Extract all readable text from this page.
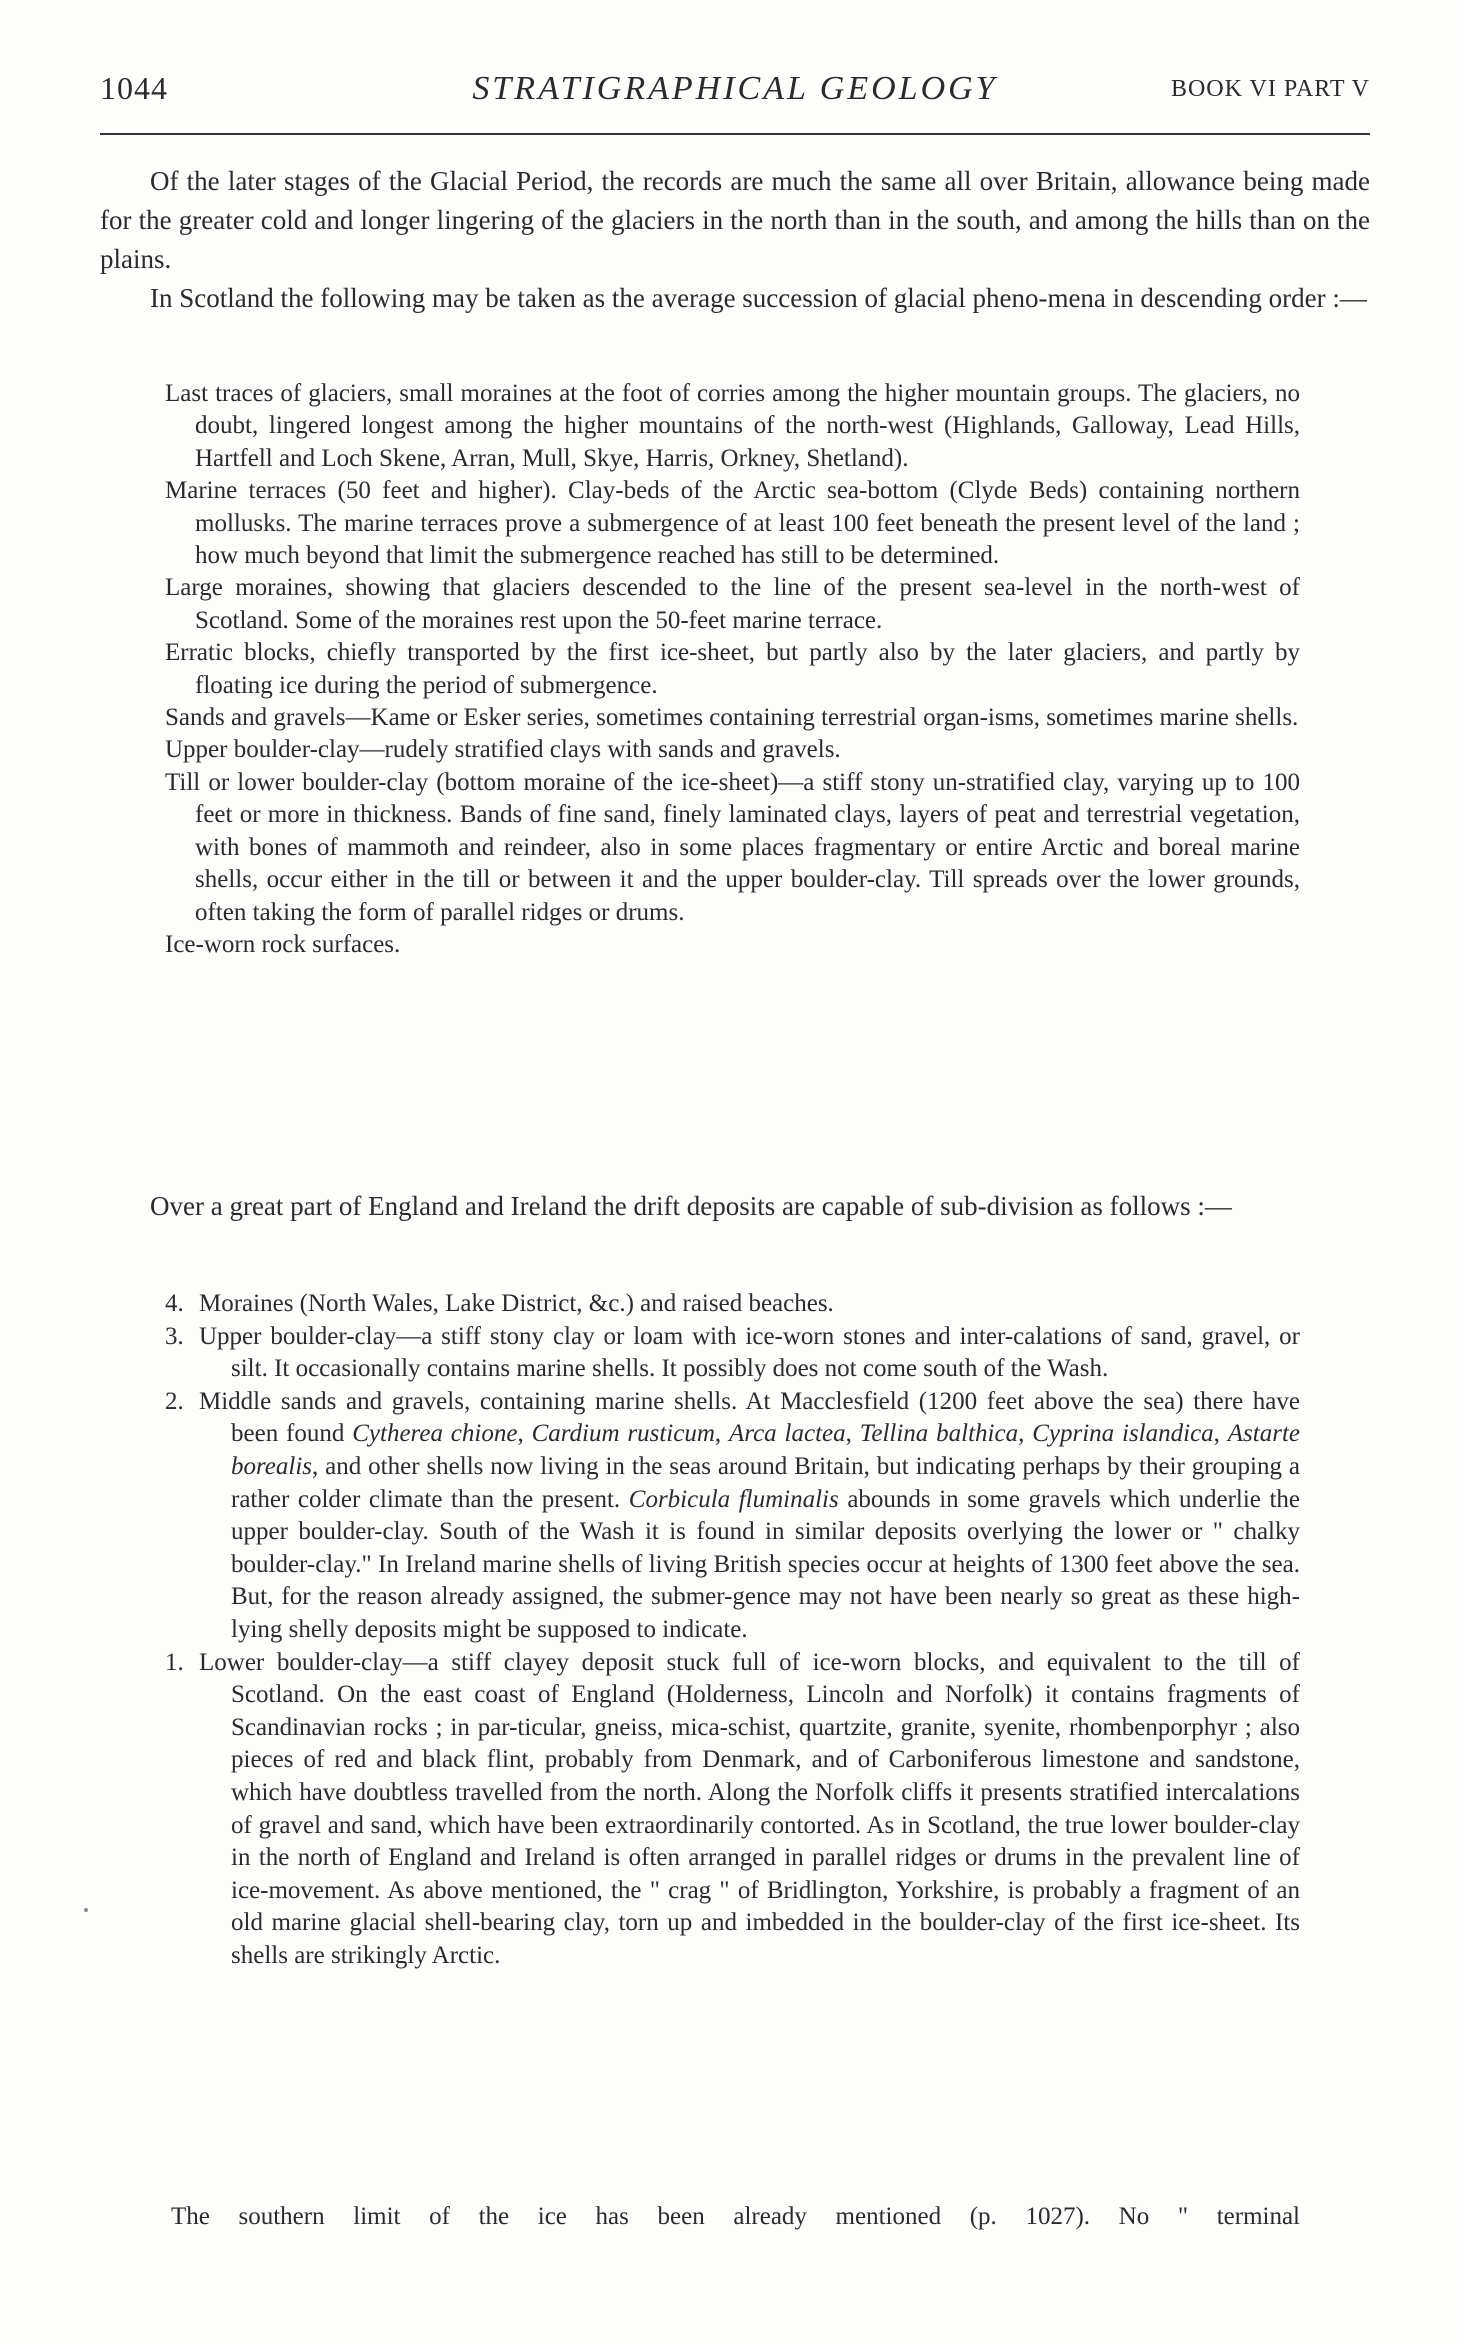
1044	STRATIGRAPHICAL GEOLOGY	BOOK VI PART V

Of the later stages of the Glacial Period, the records are much the same all over Britain, allowance being made for the greater cold and longer lingering of the glaciers in the north than in the south, and among the hills than on the plains.

In Scotland the following may be taken as the average succession of glacial pheno-mena in descending order :—

Last traces of glaciers, small moraines at the foot of corries among the higher mountain groups. The glaciers, no doubt, lingered longest among the higher mountains of the north-west (Highlands, Galloway, Lead Hills, Hartfell and Loch Skene, Arran, Mull, Skye, Harris, Orkney, Shetland).
Marine terraces (50 feet and higher). Clay-beds of the Arctic sea-bottom (Clyde Beds) containing northern mollusks. The marine terraces prove a submergence of at least 100 feet beneath the present level of the land ; how much beyond that limit the submergence reached has still to be determined.
Large moraines, showing that glaciers descended to the line of the present sea-level in the north-west of Scotland. Some of the moraines rest upon the 50-feet marine terrace.
Erratic blocks, chiefly transported by the first ice-sheet, but partly also by the later glaciers, and partly by floating ice during the period of submergence.
Sands and gravels—Kame or Esker series, sometimes containing terrestrial organ-isms, sometimes marine shells.
Upper boulder-clay—rudely stratified clays with sands and gravels.
Till or lower boulder-clay (bottom moraine of the ice-sheet)—a stiff stony un-stratified clay, varying up to 100 feet or more in thickness. Bands of fine sand, finely laminated clays, layers of peat and terrestrial vegetation, with bones of mammoth and reindeer, also in some places fragmentary or entire Arctic and boreal marine shells, occur either in the till or between it and the upper boulder-clay. Till spreads over the lower grounds, often taking the form of parallel ridges or drums.
Ice-worn rock surfaces.

Over a great part of England and Ireland the drift deposits are capable of sub-division as follows :—

4. Moraines (North Wales, Lake District, &c.) and raised beaches.
3. Upper boulder-clay—a stiff stony clay or loam with ice-worn stones and inter-calations of sand, gravel, or silt. It occasionally contains marine shells. It possibly does not come south of the Wash.
2. Middle sands and gravels, containing marine shells. At Macclesfield (1200 feet above the sea) there have been found Cytherea chione, Cardium rusticum, Arca lactea, Tellina balthica, Cyprina islandica, Astarte borealis, and other shells now living in the seas around Britain, but indicating perhaps by their grouping a rather colder climate than the present. Corbicula fluminalis abounds in some gravels which underlie the upper boulder-clay. South of the Wash it is found in similar deposits overlying the lower or " chalky boulder-clay." In Ireland marine shells of living British species occur at heights of 1300 feet above the sea. But, for the reason already assigned, the submer-gence may not have been nearly so great as these high-lying shelly deposits might be supposed to indicate.
1. Lower boulder-clay—a stiff clayey deposit stuck full of ice-worn blocks, and equivalent to the till of Scotland. On the east coast of England (Holderness, Lincoln and Norfolk) it contains fragments of Scandinavian rocks ; in par-ticular, gneiss, mica-schist, quartzite, granite, syenite, rhombenporphyr ; also pieces of red and black flint, probably from Denmark, and of Carboniferous limestone and sandstone, which have doubtless travelled from the north. Along the Norfolk cliffs it presents stratified intercalations of gravel and sand, which have been extraordinarily contorted. As in Scotland, the true lower boulder-clay in the north of England and Ireland is often arranged in parallel ridges or drums in the prevalent line of ice-movement. As above mentioned, the " crag " of Bridlington, Yorkshire, is probably a fragment of an old marine glacial shell-bearing clay, torn up and imbedded in the boulder-clay of the first ice-sheet. Its shells are strikingly Arctic.
The southern limit of the ice has been already mentioned (p. 1027). No " terminal
